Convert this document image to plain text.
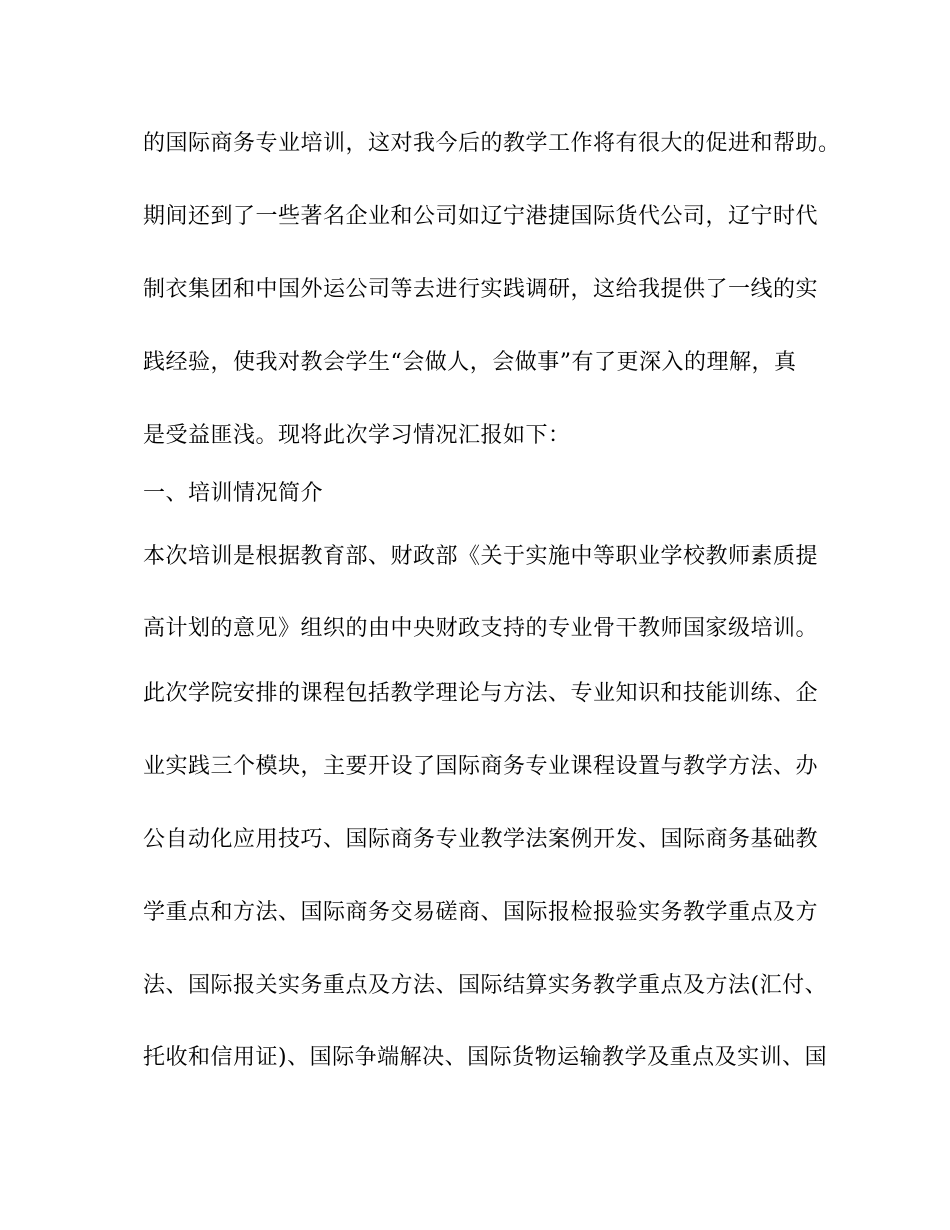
的国际商务专业培训，这对我今后的教学工作将有很大的促进和帮助。
期间还到了一些著名企业和公司如辽宁港捷国际货代公司，辽宁时代
制衣集团和中国外运公司等去进行实践调研，这给我提供了一线的实
践经验，使我对教会学生“会做人，会做事”有了更深入的理解，真
是受益匪浅。现将此次学习情况汇报如下：
一、培训情况简介
本次培训是根据教育部、财政部《关于实施中等职业学校教师素质提
高计划的意见》组织的由中央财政支持的专业骨干教师国家级培训。
此次学院安排的课程包括教学理论与方法、专业知识和技能训练、企
业实践三个模块，主要开设了国际商务专业课程设置与教学方法、办
公自动化应用技巧、国际商务专业教学法案例开发、国际商务基础教
学重点和方法、国际商务交易磋商、国际报检报验实务教学重点及方
法、国际报关实务重点及方法、国际结算实务教学重点及方法(汇付、
托收和信用证)、国际争端解决、国际货物运输教学及重点及实训、国
